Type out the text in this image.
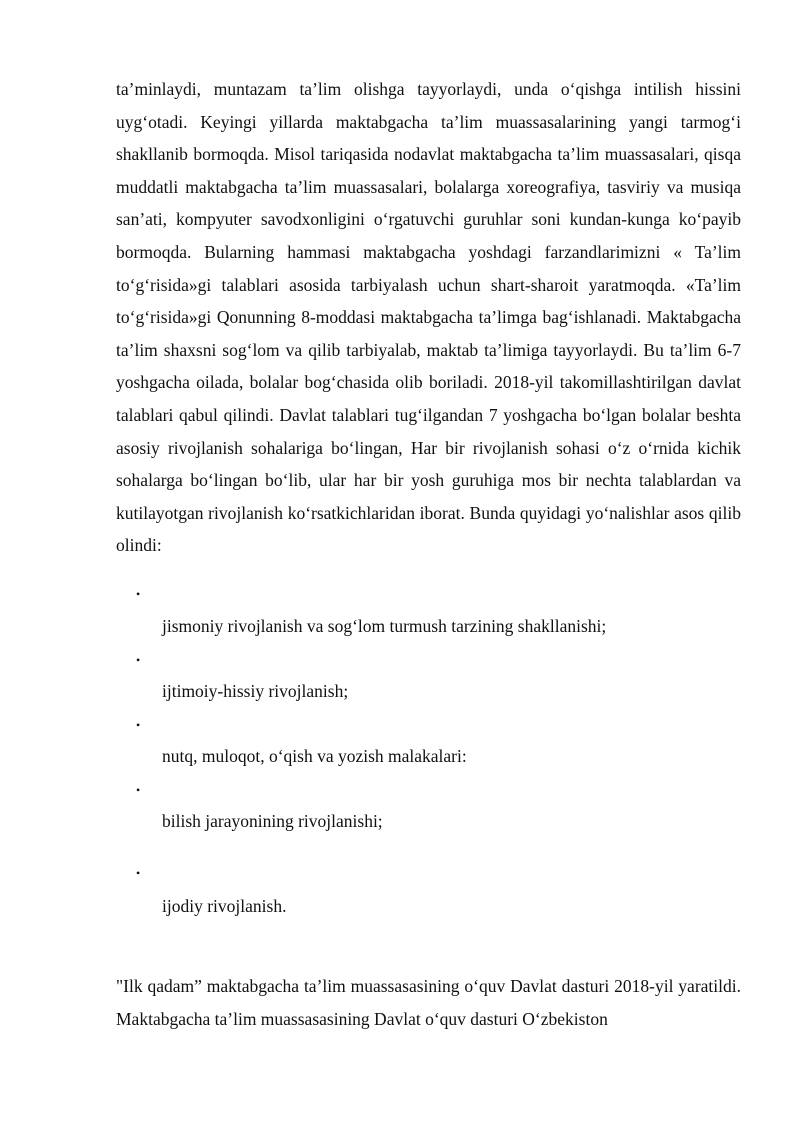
ta’minlaydi, muntazam ta’lim olishga tayyorlaydi, unda o‘qishga intilish hissini uyg‘otadi. Keyingi yillarda maktabgacha ta’lim muassasalarining yangi tarmog‘i shakllanib bormoqda. Misol tariqasida nodavlat maktabgacha ta’lim muassasalari, qisqa muddatli maktabgacha ta’lim muassasalari, bolalarga xoreografiya, tasviriy va musiqa san’ati, kompyuter savodxonligini o‘rgatuvchi guruhlar soni kundan-kunga ko‘payib bormoqda. Bularning hammasi maktabgacha yoshdagi farzandlarimizni « Ta’lim to‘g‘risida»gi talablari asosida tarbiyalash uchun shart-sharoit yaratmoqda. «Ta’lim to‘g‘risida»gi Qonunning 8-moddasi maktabgacha ta’limga bag‘ishlanadi. Maktabgacha ta’lim shaxsni sog‘lom va qilib tarbiyalab, maktab ta’limiga tayyorlaydi. Bu ta’lim 6-7 yoshgacha oilada, bolalar bog‘chasida olib boriladi. 2018-yil takomillashtirilgan davlat talablari qabul qilindi. Davlat talablari tug‘ilgandan 7 yoshgacha bo‘lgan bolalar beshta asosiy rivojlanish sohalariga bo‘lingan, Har bir rivojlanish sohasi o‘z o‘rnida kichik sohalarga bo‘lingan bo‘lib, ular har bir yosh guruhiga mos bir nechta talablardan va kutilayotgan rivojlanish ko‘rsatkichlaridan iborat. Bunda quyidagi yo‘nalishlar asos qilib olindi:

•
jismoniy rivojlanish va sog‘lom turmush tarzining shakllanishi;
•
ijtimoiy-hissiy rivojlanish;
•
nutq, muloqot, o‘qish va yozish malakalari:
•
bilish jarayonining rivojlanishi;
•
ijodiy rivojlanish.

"Ilk qadam” maktabgacha ta’lim muassasasining o‘quv Davlat dasturi 2018-yil yaratildi. Maktabgacha ta’lim muassasasining Davlat o‘quv dasturi O‘zbekiston
